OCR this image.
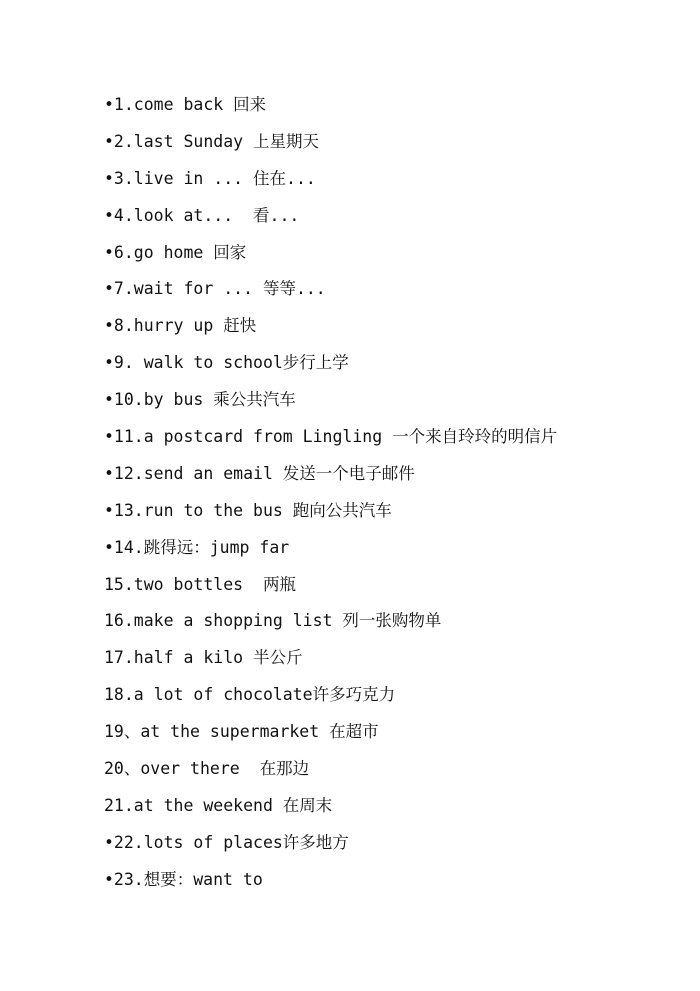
•1.come back 回来
•2.last Sunday 上星期天
•3.live in ... 住在...
•4.look at...  看...
•6.go home 回家
•7.wait for ... 等等...
•8.hurry up 赶快
•9. walk to school步行上学
•10.by bus 乘公共汽车
•11.a postcard from Lingling 一个来自玲玲的明信片
•12.send an email 发送一个电子邮件
•13.run to the bus 跑向公共汽车
•14.跳得远：jump far
15.two bottles  两瓶
16.make a shopping list 列一张购物单
17.half a kilo 半公斤
18.a lot of chocolate许多巧克力
19、at the supermarket 在超市
20、over there  在那边
21.at the weekend 在周末
•22.lots of places许多地方
•23.想要：want to
